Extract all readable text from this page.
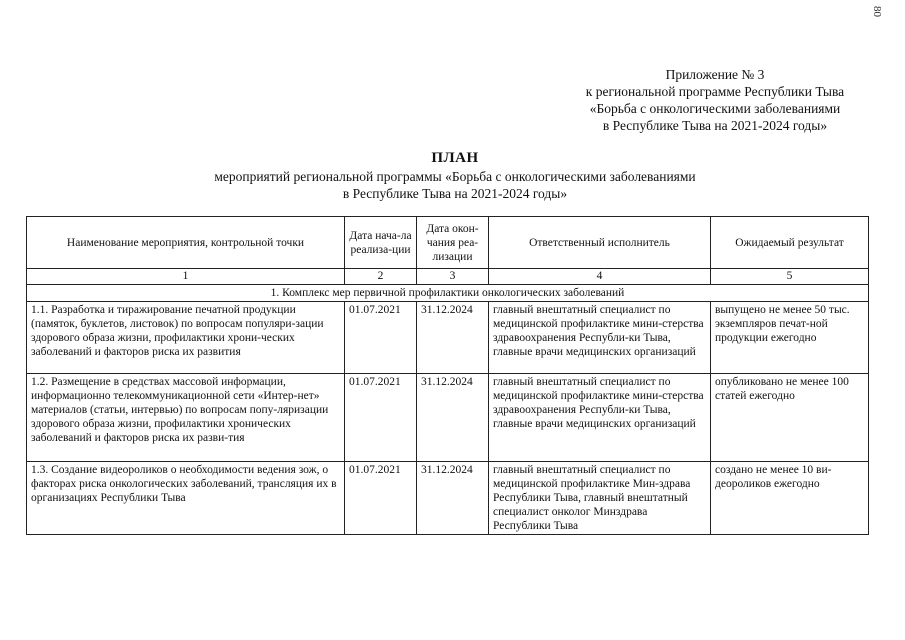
80
Приложение № 3
к региональной программе Республики Тыва
«Борьба с онкологическими заболеваниями
в Республике Тыва на 2021-2024 годы»
ПЛАН
мероприятий региональной программы «Борьба с онкологическими заболеваниями
в Республике Тыва на 2021-2024 годы»
Наименование мероприятия, контрольной точки	Дата нача-ла реализа-ции	Дата окон-чания реа-лизации	Ответственный исполнитель	Ожидаемый результат
1	2	3	4	5
1. Комплекс мер первичной профилактики онкологических заболеваний				
1.1. Разработка и тиражирование печатной продукции (памяток, буклетов, листовок) по вопросам популяри-зации здорового образа жизни, профилактики хрони-ческих заболеваний и факторов риска их развития	01.07.2021	31.12.2024	главный внештатный специалист по медицинской профилактике мини-стерства здравоохранения Республи-ки Тыва, главные врачи медицинских организаций	выпущено не менее 50 тыс. экземпляров печат-ной продукции ежегодно
1.2. Размещение в средствах массовой информации, информационно телекоммуникационной сети «Интер-нет» материалов (статьи, интервью) по вопросам попу-ляризации здорового образа жизни, профилактики хронических заболеваний и факторов риска их разви-тия	01.07.2021	31.12.2024	главный внештатный специалист по медицинской профилактике мини-стерства здравоохранения Республи-ки Тыва, главные врачи медицинских организаций	опубликовано не менее 100 статей ежегодно
1.3. Создание видеороликов о необходимости ведения зож, о факторах риска онкологических заболеваний, трансляция их в организациях Республики Тыва	01.07.2021	31.12.2024	главный внештатный специалист по медицинской профилактике Мин-здрава Республики Тыва, главный внештатный специалист онколог Минздрава Республики Тыва	создано не менее 10 ви-деороликов ежегодно
